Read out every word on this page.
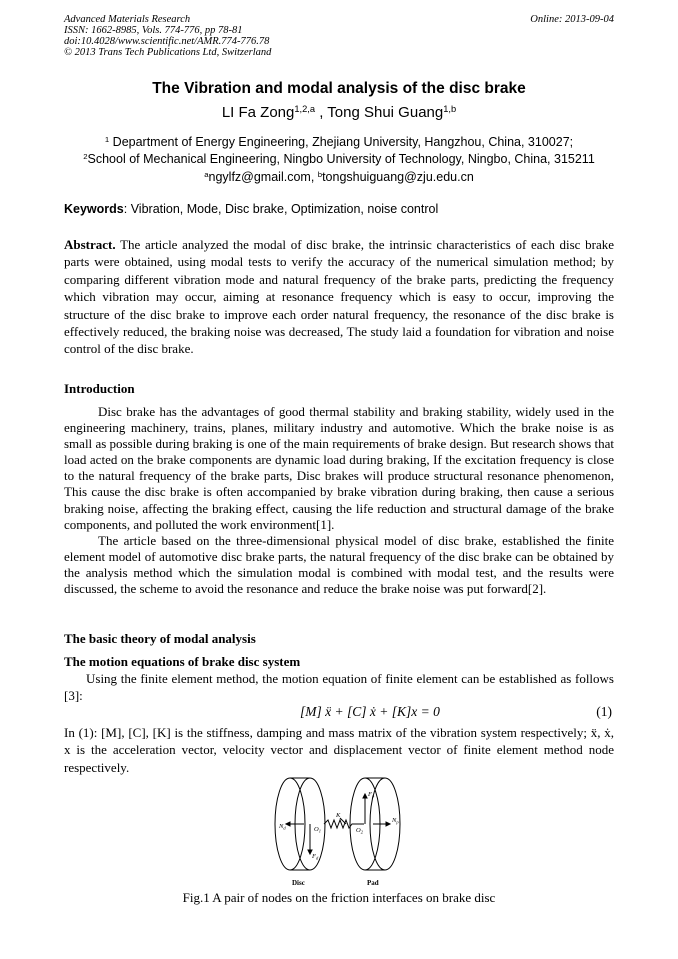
Advanced Materials Research
ISSN: 1662-8985, Vols. 774-776, pp 78-81
doi:10.4028/www.scientific.net/AMR.774-776.78
© 2013 Trans Tech Publications Ltd, Switzerland
Online: 2013-09-04
The Vibration and modal analysis of the disc brake
LI Fa Zong$^{1,2,a}$ , Tong Shui Guang$^{1,b}$
$^1$ Department of Energy Engineering, Zhejiang University, Hangzhou, China, 310027;
$^2$School of Mechanical Engineering, Ningbo University of Technology, Ningbo, China, 315211
$^a$ngylfz@gmail.com, $^b$tongshuiguang@zju.edu.cn
Keywords: Vibration, Mode, Disc brake, Optimization, noise control
Abstract. The article analyzed the modal of disc brake, the intrinsic characteristics of each disc brake parts were obtained, using modal tests to verify the accuracy of the numerical simulation method; by comparing different vibration mode and natural frequency of the brake parts, predicting the frequency which vibration may occur, aiming at resonance frequency which is easy to occur, improving the structure of the disc brake to improve each order natural frequency, the resonance of the disc brake is effectively reduced, the braking noise was decreased, The study laid a foundation for vibration and noise control of the disc brake.
Introduction

Disc brake has the advantages of good thermal stability and braking stability, widely used in the engineering machinery, trains, planes, military industry and automotive. Which the brake noise is as small as possible during braking is one of the main requirements of brake design. But research shows that load acted on the brake components are dynamic load during braking, If the excitation frequency is close to the natural frequency of the brake parts, Disc brakes will produce structural resonance phenomenon, This cause the disc brake is often accompanied by brake vibration during braking, then cause a serious braking noise, affecting the braking effect, causing the life reduction and structural damage of the brake components, and polluted the work environment[1].

The article based on the three-dimensional physical model of disc brake, established the finite element model of automotive disc brake parts, the natural frequency of the disc brake can be obtained by the analysis method which the simulation modal is combined with modal test, and the results were discussed, the scheme to avoid the resonance and reduce the brake noise was put forward[2].

The basic theory of modal analysis
The motion equations of brake disc system

Using the finite element method, the motion equation of finite element can be established as follows [3]:

[M] ẍ + [C] ẋ + [K]x = 0	(1)
In (1): [M], [C], [K] is the stiffness, damping and mass matrix of the vibration system respectively; ẍ, ẋ, x is the acceleration vector, velocity vector and displacement vector of finite element method node respectively.
$N_d$	$O_1$
$F_d$
K
$F_p$
$O_2$
$N_p$
Disc	Pad
Fig.1 A pair of nodes on the friction interfaces on brake disc
